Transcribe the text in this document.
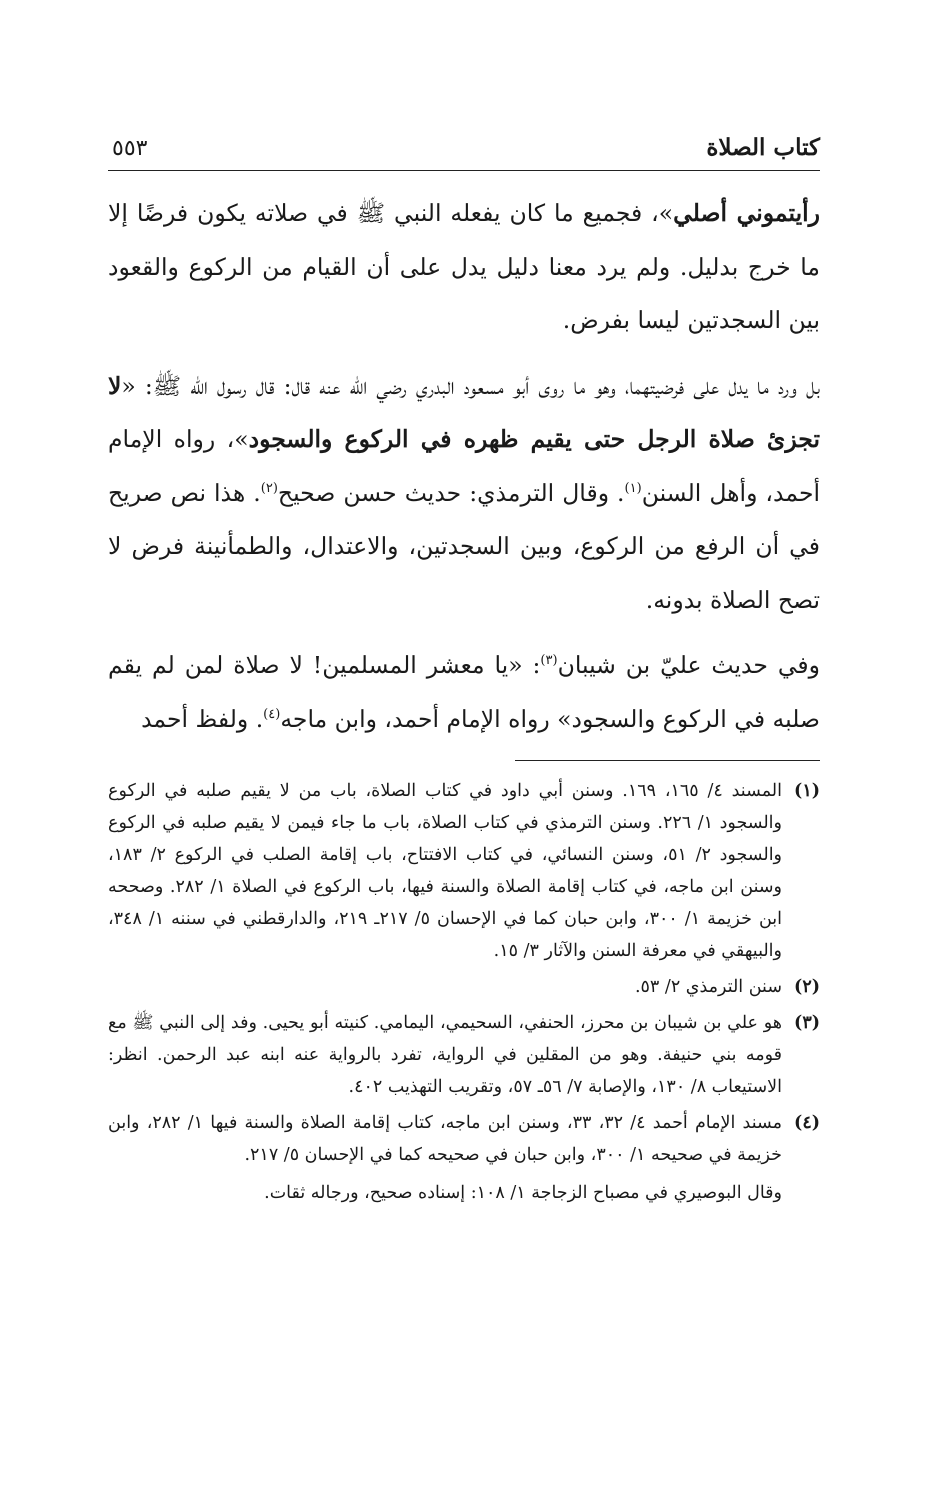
كتاب الصلاة
٥٥٣

رأيتموني أصلي»، فجميع ما كان يفعله النبي ﷺ في صلاته يكون فرضًا إلا ما خرج بدليل. ولم يرد معنا دليل يدل على أن القيام من الركوع والقعود بين السجدتين ليسا بفرض.

بل ورد ما يدل على فرضيتهما، وهو ما روى أبو مسعود البدري رضي الله عنه قال: قال رسول الله ﷺ: «لا تجزئ صلاة الرجل حتى يقيم ظهره في الركوع والسجود»، رواه الإمام أحمد، وأهل السنن$^{(١)}$. وقال الترمذي: حديث حسن صحيح$^{(٢)}$. هذا نص صريح في أن الرفع من الركوع، وبين السجدتين، والاعتدال، والطمأنينة فرض لا تصح الصلاة بدونه.

وفي حديث عليّ بن شيبان$^{(٣)}$: «يا معشر المسلمين! لا صلاة لمن لم يقم صلبه في الركوع والسجود» رواه الإمام أحمد، وابن ماجه$^{(٤)}$. ولفظ أحمد

(١)
المسند ٤/ ١٦٥، ١٦٩. وسنن أبي داود في كتاب الصلاة، باب من لا يقيم صلبه في الركوع والسجود ١/ ٢٢٦. وسنن الترمذي في كتاب الصلاة، باب ما جاء فيمن لا يقيم صلبه في الركوع والسجود ٢/ ٥١، وسنن النسائي، في كتاب الافتتاح، باب إقامة الصلب في الركوع ٢/ ١٨٣، وسنن ابن ماجه، في كتاب إقامة الصلاة والسنة فيها، باب الركوع في الصلاة ١/ ٢٨٢. وصححه ابن خزيمة ١/ ٣٠٠، وابن حبان كما في الإحسان ٥/ ٢١٧ـ ٢١٩، والدارقطني في سننه ١/ ٣٤٨، والبيهقي في معرفة السنن والآثار ٣/ ١٥.
(٢)
سنن الترمذي ٢/ ٥٣.
(٣)
هو علي بن شيبان بن محرز، الحنفي، السحيمي، اليمامي. كنيته أبو يحيى. وفد إلى النبي ﷺ مع قومه بني حنيفة. وهو من المقلين في الرواية، تفرد بالرواية عنه ابنه عبد الرحمن. انظر: الاستيعاب ٨/ ١٣٠، والإصابة ٧/ ٥٦ـ ٥٧، وتقريب التهذيب ٤٠٢.
(٤)
مسند الإمام أحمد ٤/ ٣٢، ٣٣، وسنن ابن ماجه، كتاب إقامة الصلاة والسنة فيها ١/ ٢٨٢، وابن خزيمة في صحيحه ١/ ٣٠٠، وابن حبان في صحيحه كما في الإحسان ٥/ ٢١٧.
وقال البوصيري في مصباح الزجاجة ١/ ١٠٨: إسناده صحيح، ورجاله ثقات.
